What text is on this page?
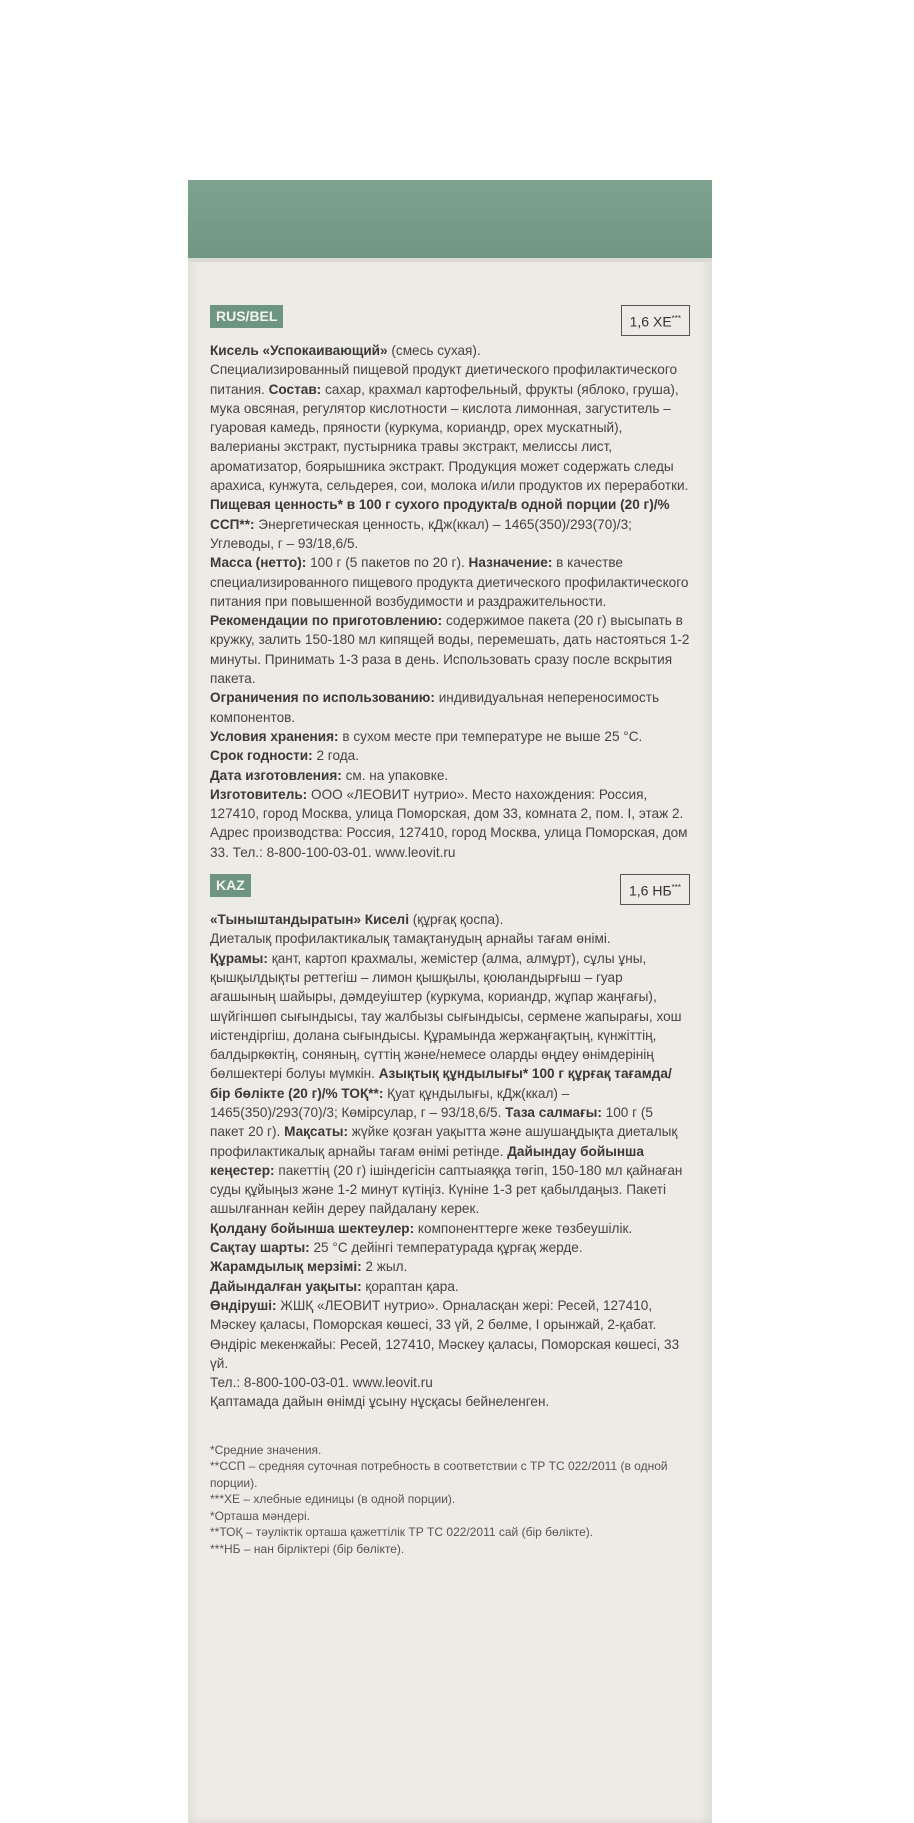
RUS/BEL	1,6 ХЕ***

Кисель «Успокаивающий» (смесь сухая).

Специализированный пищевой продукт диетического профилактического питания. Состав: сахар, крахмал картофельный, фрукты (яблоко, груша), мука овсяная, регулятор кислотности – кислота лимонная, загуститель – гуаровая камедь, пряности (куркума, кориандр, орех мускатный), валерианы экстракт, пустырника травы экстракт, мелиссы лист, ароматизатор, боярышника экстракт. Продукция может содержать следы арахиса, кунжута, сельдерея, сои, молока и/или продуктов их переработки. Пищевая ценность* в 100 г сухого продукта/в одной порции (20 г)/% ССП**: Энергетическая ценность, кДж(ккал) – 1465(350)/293(70)/3; Углеводы, г – 93/18,6/5.

Масса (нетто): 100 г (5 пакетов по 20 г). Назначение: в качестве специализированного пищевого продукта диетического профилактического питания при повышенной возбудимости и раздражительности.

Рекомендации по приготовлению: содержимое пакета (20 г) высыпать в кружку, залить 150-180 мл кипящей воды, перемешать, дать настояться 1-2 минуты. Принимать 1-3 раза в день. Использовать сразу после вскрытия пакета.

Ограничения по использованию: индивидуальная непереносимость компонентов.

Условия хранения: в сухом месте при температуре не выше 25 °С.

Срок годности: 2 года.

Дата изготовления: см. на упаковке.

Изготовитель: ООО «ЛЕОВИТ нутрио». Место нахождения: Россия, 127410, город Москва, улица Поморская, дом 33, комната 2, пом. I, этаж 2. Адрес производства: Россия, 127410, город Москва, улица Поморская, дом 33. Тел.: 8-800-100-03-01. www.leovit.ru

KAZ	1,6 НБ***

«Тыныштандыратын» Киселі (құрғақ қоспа).

Диеталық профилактикалық тамақтанудың арнайы тағам өнімі.

Құрамы: қант, картоп крахмалы, жемістер (алма, алмұрт), сұлы ұны, қышқылдықты реттегіш – лимон қышқылы, қоюландырғыш – гуар ағашының шайыры, дәмдеуіштер (куркума, кориандр, жұпар жаңғағы), шүйгіншөп сығындысы, тау жалбызы сығындысы, сермене жапырағы, хош иістендіргіш, долана сығындысы. Құрамында жержаңғақтың, күнжіттің, балдыркөктің, соняның, сүттің және/немесе оларды өңдеу өнімдерінің бөлшектері болуы мүмкін. Азықтық құндылығы* 100 г құрғақ тағамда/бір бөлікте (20 г)/% ТОҚ**: Қуат құндылығы, кДж(ккал) – 1465(350)/293(70)/3; Көмірсулар, г – 93/18,6/5. Таза салмағы: 100 г (5 пакет 20 г). Мақсаты: жүйке қозған уақытта және ашушаңдықта диеталық профилактикалық арнайы тағам өнімі ретінде. Дайындау бойынша кеңестер: пакеттің (20 г) ішіндегісін саптыаяққа төгіп, 150-180 мл қайнаған суды құйыңыз және 1-2 минут күтіңіз. Күніне 1-3 рет қабылдаңыз. Пакеті ашылғаннан кейін дереу пайдалану керек.

Қолдану бойынша шектеулер: компоненттерге жеке төзбеушілік.

Сақтау шарты: 25 °С дейінгі температурада құрғақ жерде.

Жарамдылық мерзімі: 2 жыл.

Дайындалған уақыты: қораптан қара.

Өндіруші: ЖШҚ «ЛЕОВИТ нутрио». Орналасқан жері: Ресей, 127410, Мәскеу қаласы, Поморская көшесі, 33 үй, 2 бөлме, I орынжай, 2-қабат. Өндіріс мекенжайы: Ресей, 127410, Мәскеу қаласы, Поморская көшесі, 33 үй.

Тел.: 8-800-100-03-01. www.leovit.ru

Қаптамада дайын өнімді ұсыну нұсқасы бейнеленген.

*Средние значения.
**ССП – средняя суточная потребность в соответствии с ТР ТС 022/2011 (в одной порции).
***ХЕ – хлебные единицы (в одной порции).
*Орташа мәндері.
**ТОҚ – тәуліктік орташа қажеттілік ТР ТС 022/2011 сай (бір бөлікте).
***НБ – нан бірліктері (бір бөлікте).
